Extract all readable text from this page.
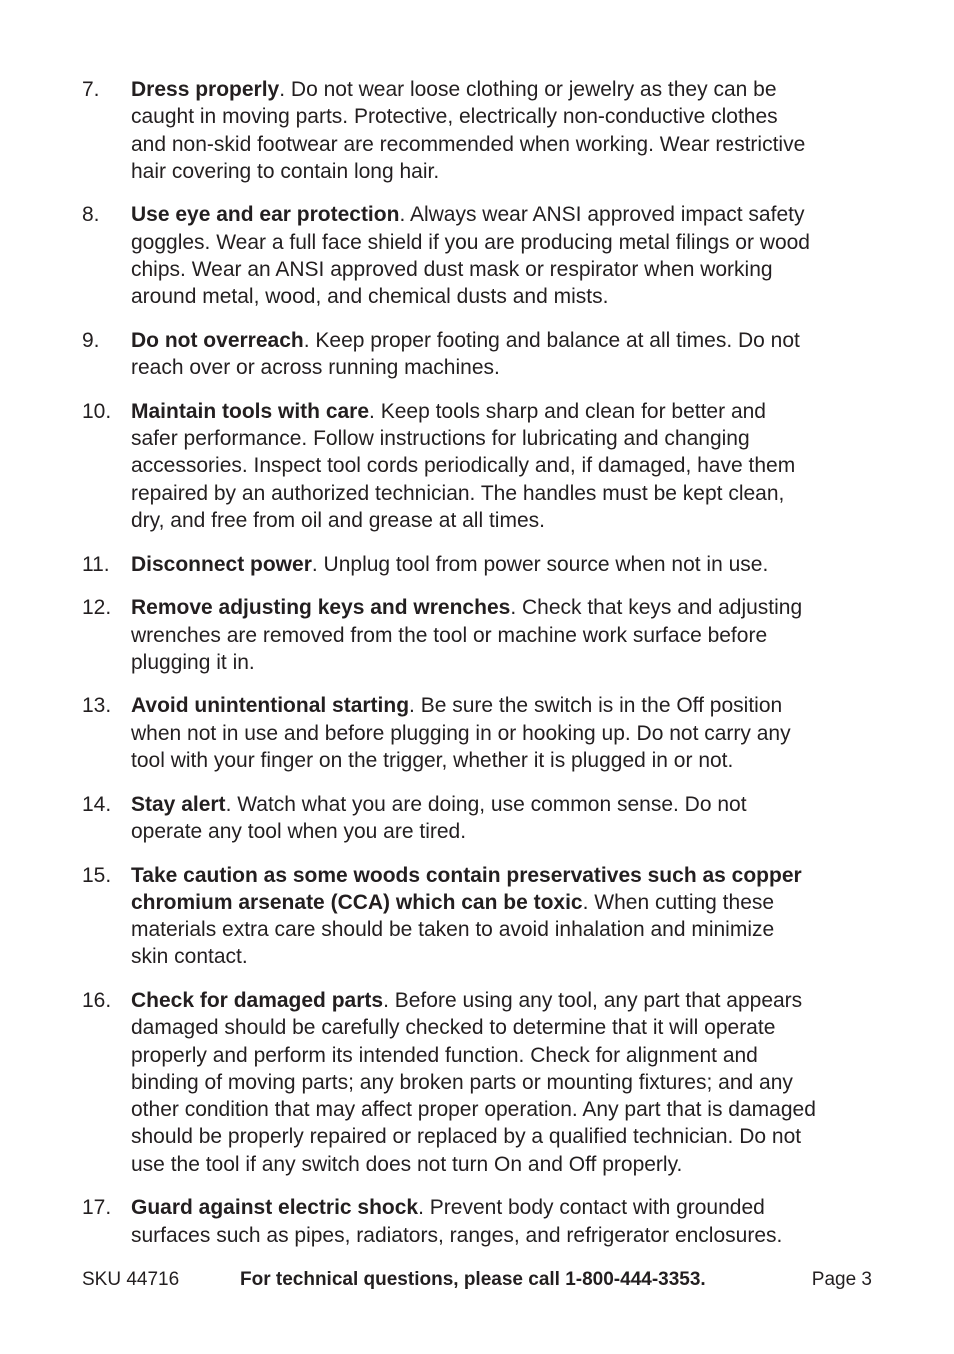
7.	Dress properly. Do not wear loose clothing or jewelry as they can be
caught in moving parts. Protective, electrically non-conductive clothes
and non-skid footwear are recommended when working. Wear restrictive
hair covering to contain long hair.
8.	Use eye and ear protection. Always wear ANSI approved impact safety
goggles. Wear a full face shield if you are producing metal filings or wood
chips. Wear an ANSI approved dust mask or respirator when working
around metal, wood, and chemical dusts and mists.
9.	Do not overreach. Keep proper footing and balance at all times. Do not
reach over or across running machines.
10. Maintain tools with care. Keep tools sharp and clean for better and
safer performance. Follow instructions for lubricating and changing
accessories. Inspect tool cords periodically and, if damaged, have them
repaired by an authorized technician. The handles must be kept clean,
dry, and free from oil and grease at all times.
11.	Disconnect power. Unplug tool from power source when not in use.
12. Remove adjusting keys and wrenches. Check that keys and adjusting
wrenches are removed from the tool or machine work surface before
plugging it in.
13. Avoid unintentional starting. Be sure the switch is in the Off position
when not in use and before plugging in or hooking up. Do not carry any
tool with your finger on the trigger, whether it is plugged in or not.
14. Stay alert. Watch what you are doing, use common sense. Do not
operate any tool when you are tired.
15. Take caution as some woods contain preservatives such as copper
chromium arsenate (CCA) which can be toxic. When cutting these
materials extra care should be taken to avoid inhalation and minimize
skin contact.
16. Check for damaged parts. Before using any tool, any part that appears
damaged should be carefully checked to determine that it will operate
properly and perform its intended function. Check for alignment and
binding of moving parts; any broken parts or mounting fixtures; and any
other condition that may affect proper operation. Any part that is damaged
should be properly repaired or replaced by a qualified technician. Do not
use the tool if any switch does not turn On and Off properly.
17. Guard against electric shock. Prevent body contact with grounded
surfaces such as pipes, radiators, ranges, and refrigerator enclosures.
SKU 44716	For technical questions, please call 1-800-444-3353.	Page 3
